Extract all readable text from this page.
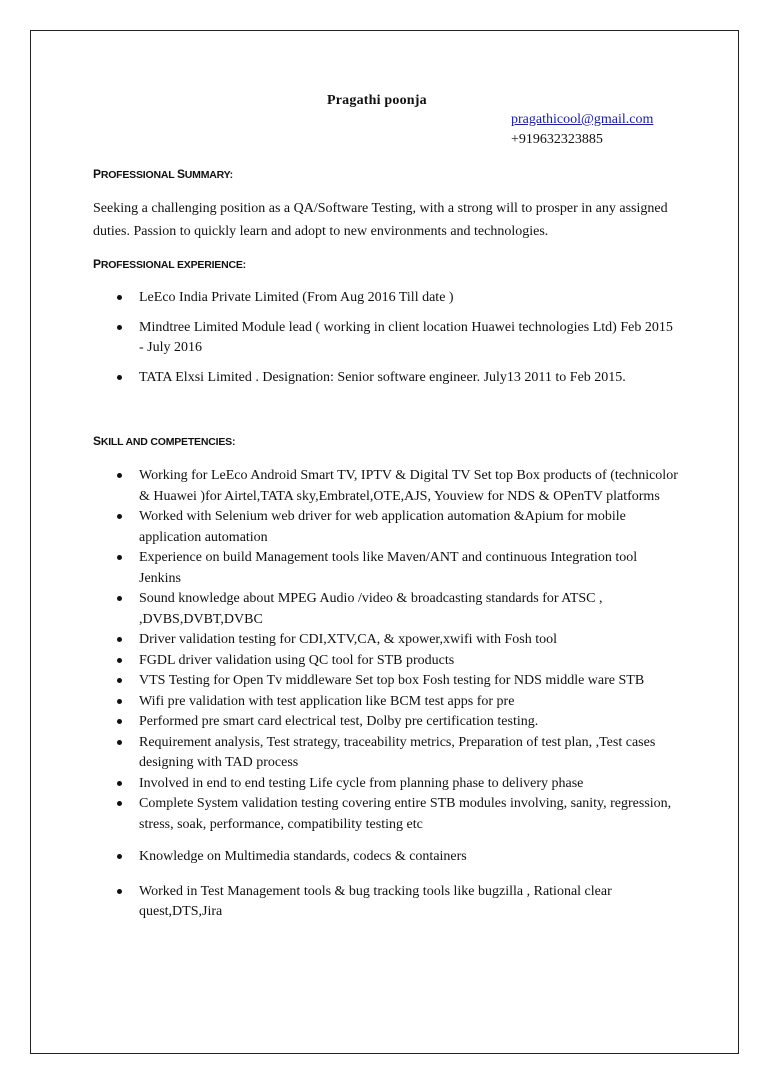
Pragathi poonja
pragathicool@gmail.com
+919632323885
PROFESSIONAL SUMMARY:
Seeking a challenging position as a QA/Software Testing, with a strong will to prosper in any assigned duties. Passion to quickly learn and adopt to new environments and technologies.
PROFESSIONAL EXPERIENCE:
LeEco India Private Limited (From Aug 2016 Till date )
Mindtree Limited Module lead ( working in client location Huawei technologies Ltd) Feb 2015 - July 2016
TATA Elxsi Limited . Designation: Senior software engineer. July13 2011 to Feb 2015.
SKILL AND COMPETENCIES:
Working for LeEco Android Smart TV, IPTV & Digital TV Set top Box products of (technicolor & Huawei )for Airtel,TATA sky,Embratel,OTE,AJS, Youview for NDS & OPenTV platforms
Worked with Selenium web driver for web application automation &Apium for mobile application automation
Experience on build Management tools like Maven/ANT and continuous Integration tool Jenkins
Sound knowledge about MPEG Audio /video & broadcasting standards for ATSC , ,DVBS,DVBT,DVBC
Driver validation testing for CDI,XTV,CA, & xpower,xwifi with Fosh tool
FGDL driver validation using QC tool for STB products
VTS Testing for Open Tv middleware Set top box Fosh testing for NDS middle ware STB
Wifi pre validation with test application like BCM test apps for pre
Performed pre smart card electrical test, Dolby pre certification testing.
Requirement analysis, Test strategy, traceability metrics, Preparation of test plan, ,Test cases designing with TAD process
Involved in end to end testing Life cycle from planning phase to delivery phase
Complete System validation testing covering entire STB modules involving, sanity, regression, stress, soak, performance, compatibility testing etc
Knowledge on Multimedia standards, codecs & containers
Worked in Test Management tools & bug tracking tools like bugzilla , Rational clear quest,DTS,Jira
